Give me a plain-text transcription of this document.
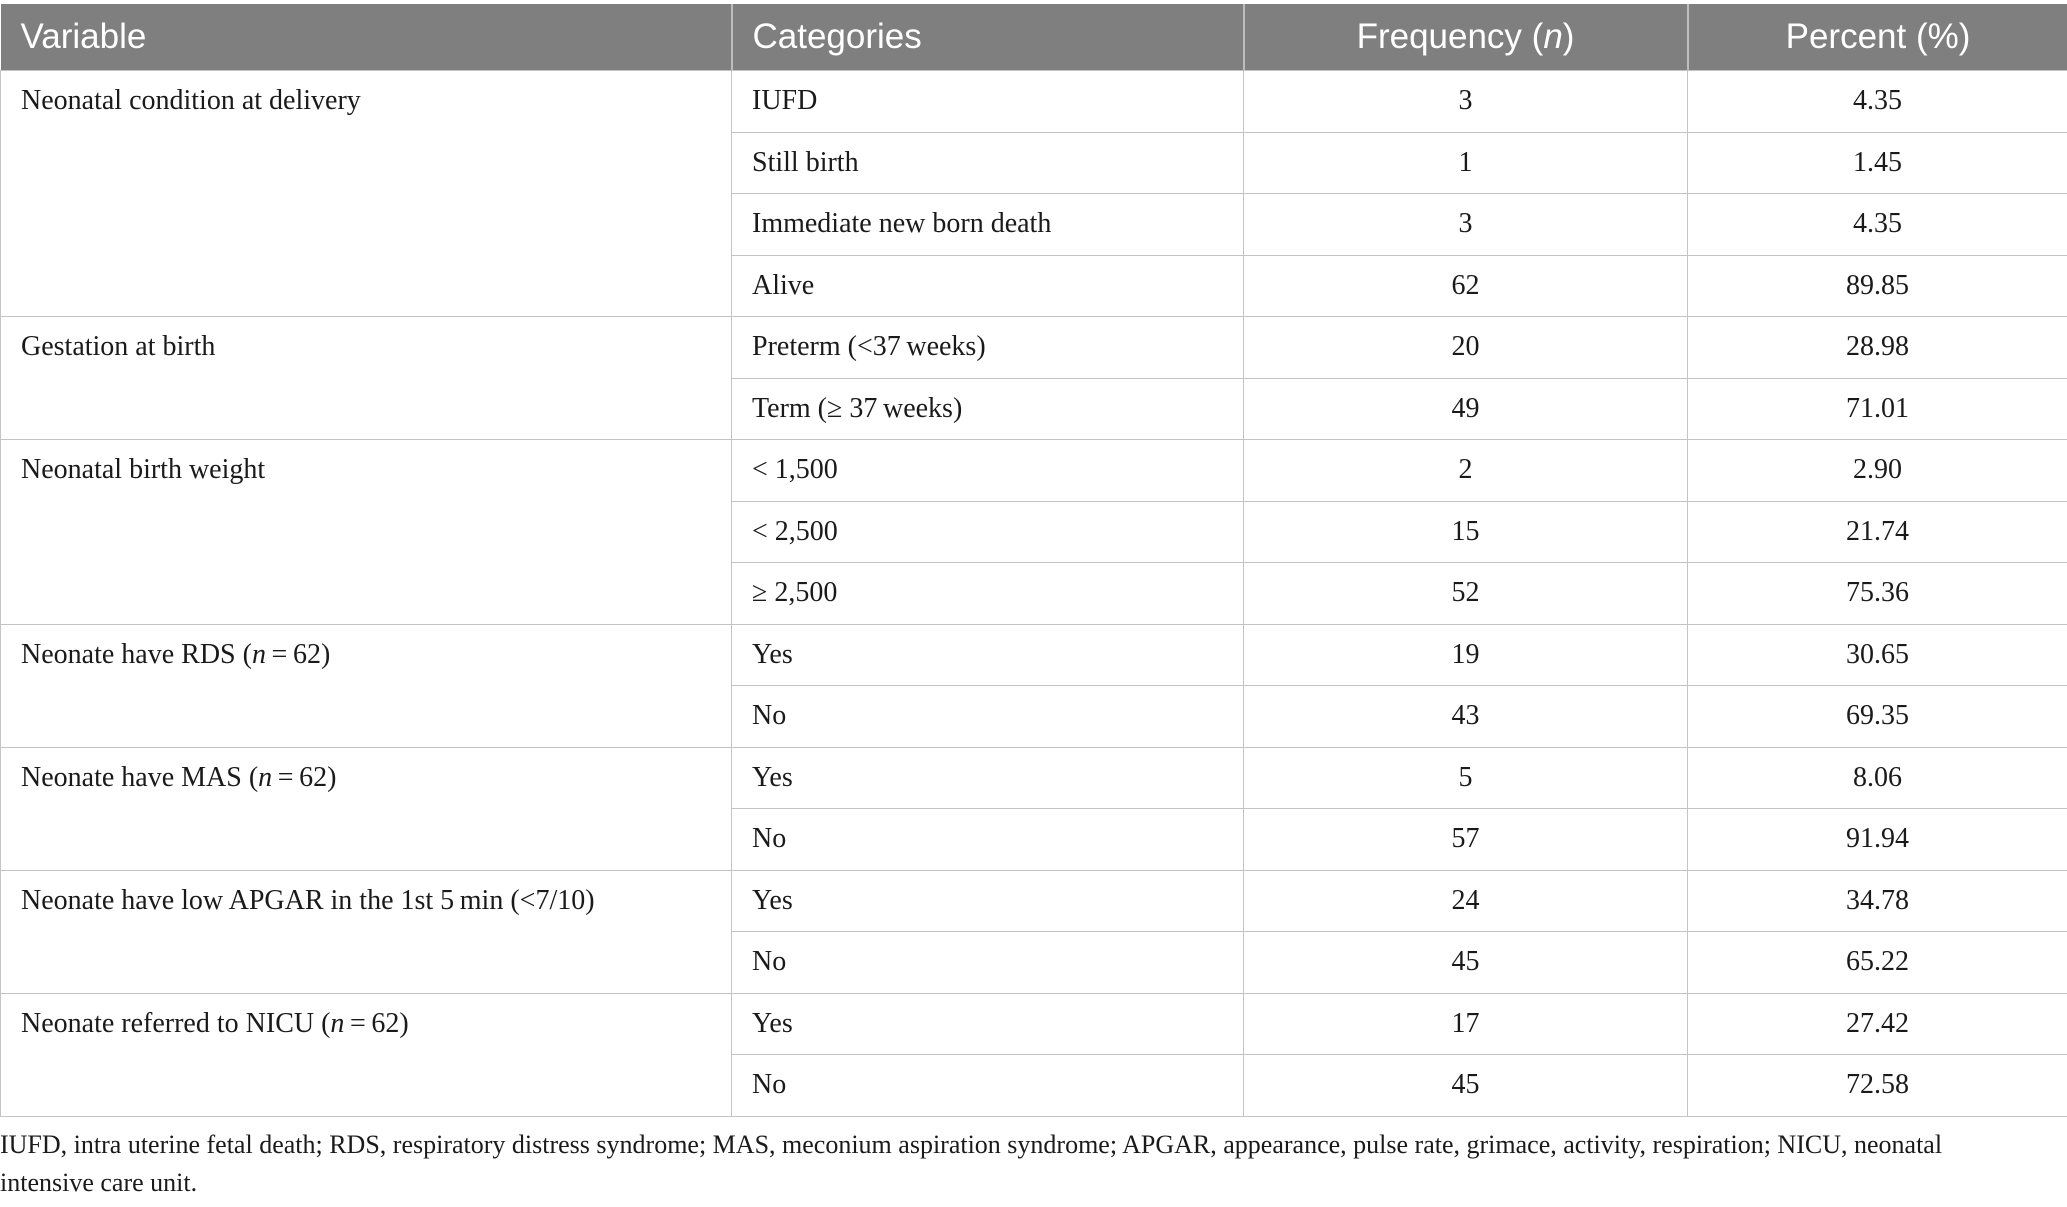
Variable	Categories	Frequency (n)	Percent (%)
Neonatal condition at delivery	IUFD	3	4.35
	Still birth	1	1.45
	Immediate new born death	3	4.35
	Alive	62	89.85
Gestation at birth	Preterm (<37 weeks)	20	28.98
	Term (≥ 37 weeks)	49	71.01
Neonatal birth weight	< 1,500	2	2.90
	< 2,500	15	21.74
	≥ 2,500	52	75.36
Neonate have RDS (n = 62)	Yes	19	30.65
	No	43	69.35
Neonate have MAS (n = 62)	Yes	5	8.06
	No	57	91.94
Neonate have low APGAR in the 1st 5 min (<7/10)	Yes	24	34.78
	No	45	65.22
Neonate referred to NICU (n = 62)	Yes	17	27.42
	No	45	72.58
IUFD, intra uterine fetal death; RDS, respiratory distress syndrome; MAS, meconium aspiration syndrome; APGAR, appearance, pulse rate, grimace, activity, respiration; NICU, neonatal
intensive care unit.
